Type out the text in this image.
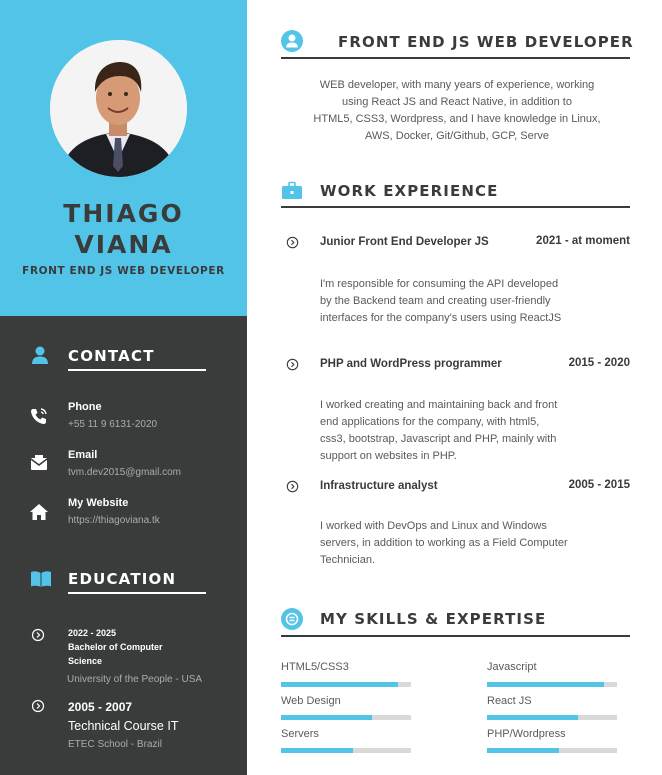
THIAGO
VIANA
FRONT END JS WEB DEVELOPER
CONTACT
Phone
+55 11 9 6131-2020
Email
tvm.dev2015@gmail.com
My Website
https://thiagoviana.tk
EDUCATION
2022 - 2025
Bachelor of Computer
Science
University of the People - USA
2005 - 2007
Technical Course IT
ETEC School - Brazil
FRONT END JS WEB DEVELOPER
WEB developer, with many years of experience, working
using React JS and React Native, in addition to
HTML5, CSS3, Wordpress, and I have knowledge in Linux,
AWS, Docker, Git/Github, GCP, Serve
WORK EXPERIENCE
Junior Front End Developer JS	2021 - at moment
I'm responsible for consuming the API developed
by the Backend team and creating user-friendly
interfaces for the company's users using ReactJS
PHP and WordPress programmer	2015 - 2020
I worked creating and maintaining back and front
end applications for the company, with html5,
css3, bootstrap, Javascript and PHP, mainly with
support on websites in PHP.
Infrastructure analyst	2005 - 2015
I worked with DevOps and Linux and Windows
servers, in addition to working as a Field Computer
Technician.
MY SKILLS & EXPERTISE
HTML5/CSS3	Javascript
Web Design	React JS
Servers	PHP/Wordpress
